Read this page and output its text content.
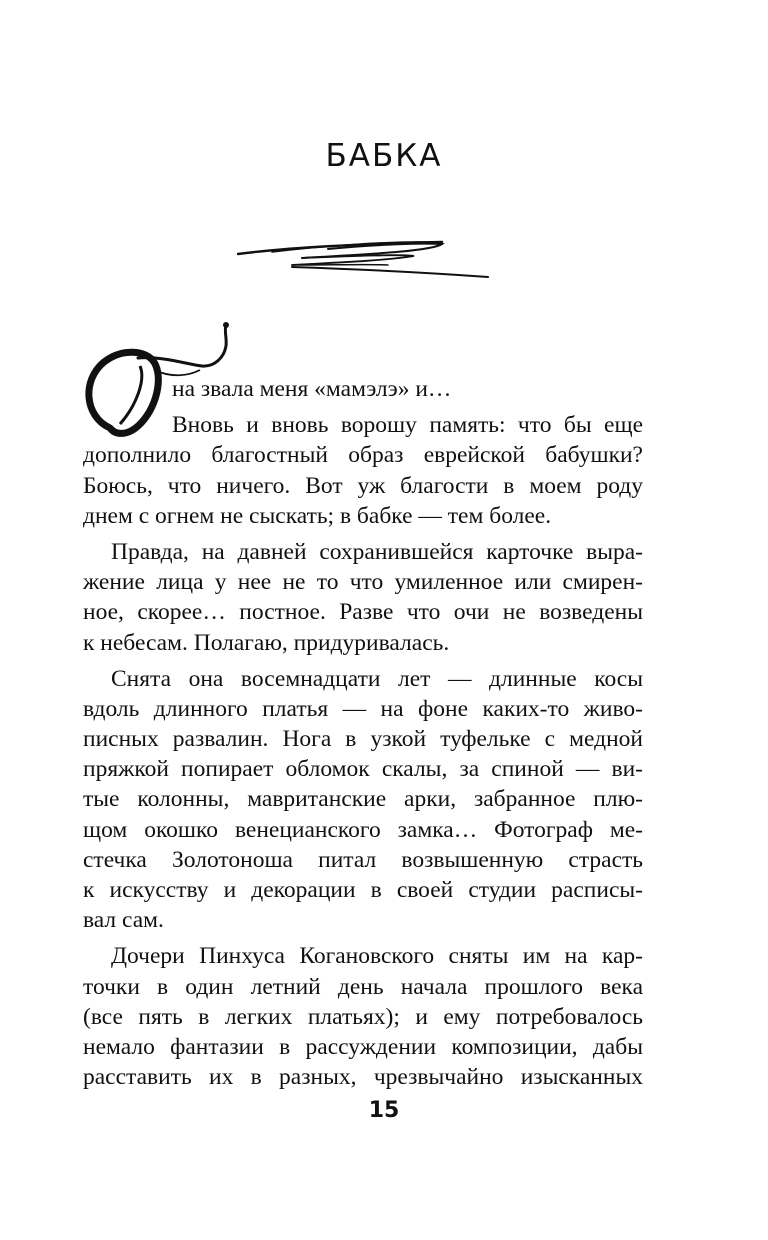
БАБКА

на звала меня «мамэлэ» и…

Вновь и вновь ворошу память: что бы еще
дополнило благостный образ еврейской бабушки?
Боюсь, что ничего. Вот уж благости в моем роду
днем с огнем не сыскать; в бабке — тем более.

Правда, на давней сохранившейся карточке выра-
жение лица у нее не то что умиленное или смирен-
ное, скорее… постное. Разве что очи не возведены
к небесам. Полагаю, придуривалась.

Снята она восемнадцати лет — длинные косы
вдоль длинного платья — на фоне каких-то живо-
писных развалин. Нога в узкой туфельке с медной
пряжкой попирает обломок скалы, за спиной — ви-
тые колонны, мавританские арки, забранное плю-
щом окошко венецианского замка… Фотограф ме-
стечка Золотоноша питал возвышенную страсть
к искусству и декорации в своей студии расписы-
вал сам.

Дочери Пинхуса Когановского сняты им на кар-
точки в один летний день начала прошлого века
(все пять в легких платьях); и ему потребовалось
немало фантазии в рассуждении композиции, дабы
расставить их в разных, чрезвычайно изысканных

15
